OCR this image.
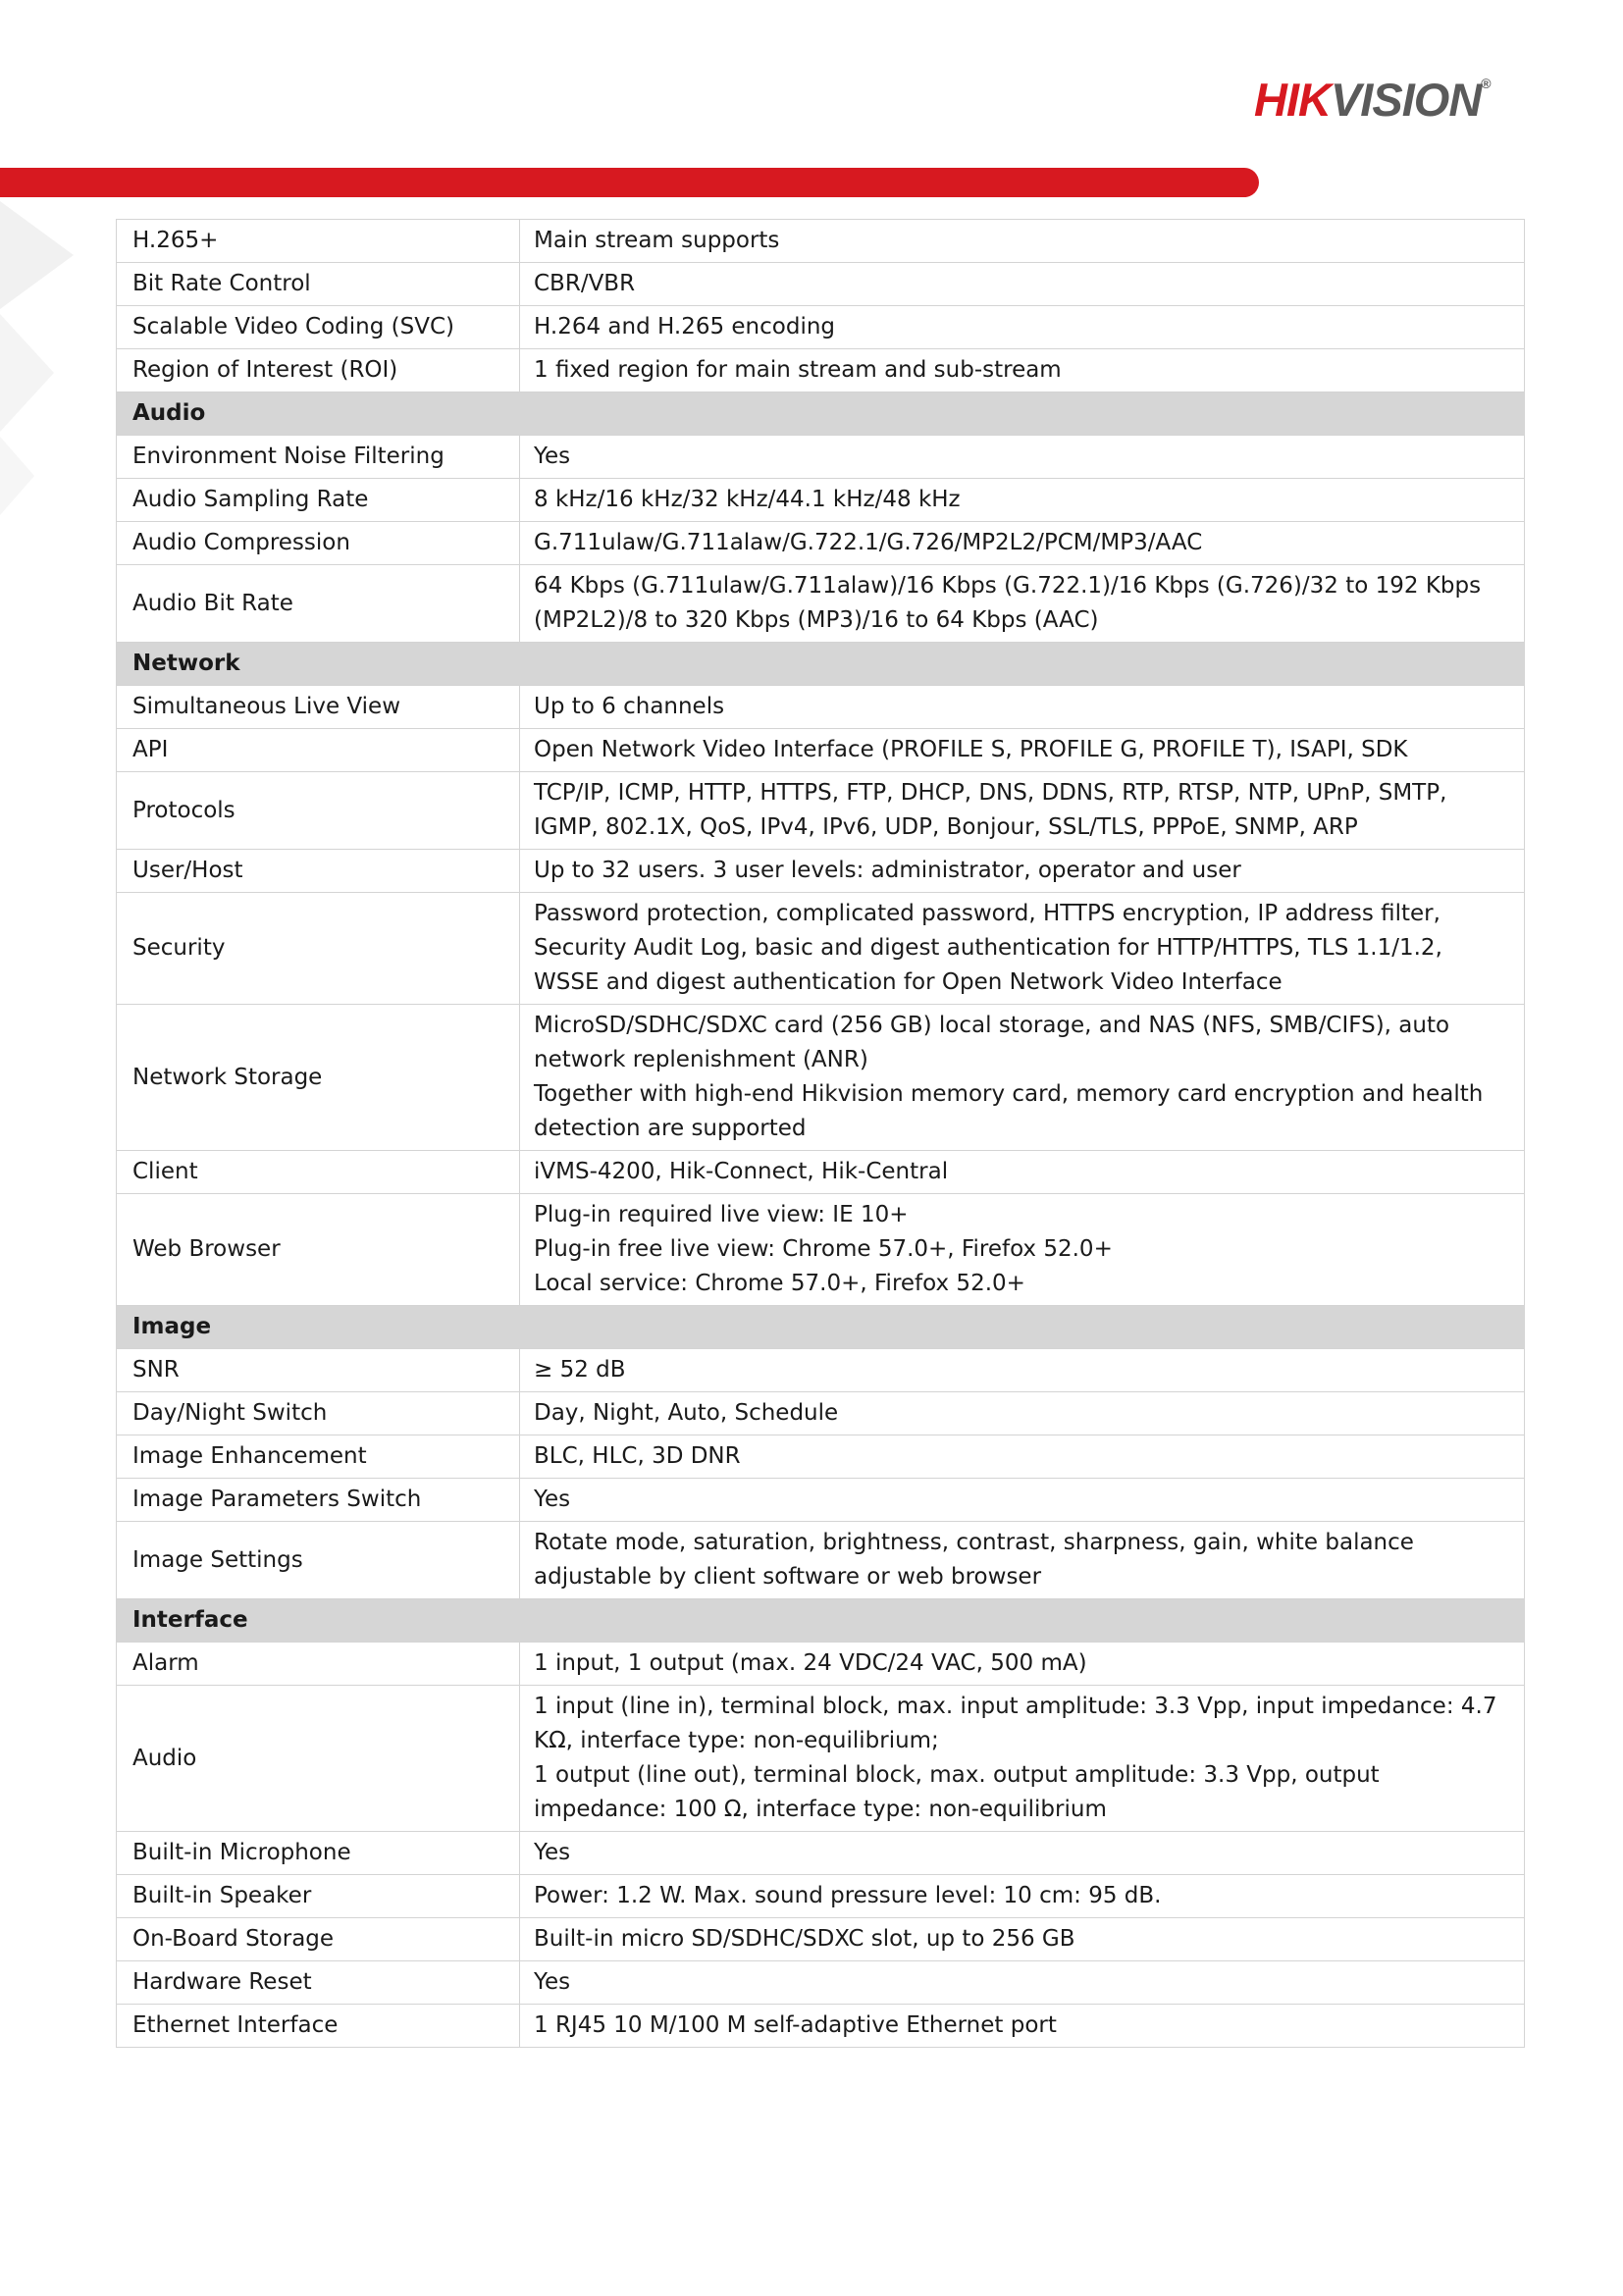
HIKVISION®
H.265+	Main stream supports

Bit Rate Control	CBR/VBR

Scalable Video Coding (SVC)	H.264 and H.265 encoding

Region of Interest (ROI)	1 fixed region for main stream and sub-stream

Audio	
Environment Noise Filtering	Yes

Audio Sampling Rate	8 kHz/16 kHz/32 kHz/44.1 kHz/48 kHz

Audio Compression	G.711ulaw/G.711alaw/G.722.1/G.726/MP2L2/PCM/MP3/AAC

Audio Bit Rate	64 Kbps (G.711ulaw/G.711alaw)/16 Kbps (G.722.1)/16 Kbps (G.726)/32 to 192 Kbps (MP2L2)/8 to 320 Kbps (MP3)/16 to 64 Kbps (AAC)

Network	
Simultaneous Live View	Up to 6 channels

API	Open Network Video Interface (PROFILE S, PROFILE G, PROFILE T), ISAPI, SDK

Protocols	TCP/IP, ICMP, HTTP, HTTPS, FTP, DHCP, DNS, DDNS, RTP, RTSP, NTP, UPnP, SMTP, IGMP, 802.1X, QoS, IPv4, IPv6, UDP, Bonjour, SSL/TLS, PPPoE, SNMP, ARP

User/Host	Up to 32 users. 3 user levels: administrator, operator and user

Security	Password protection, complicated password, HTTPS encryption, IP address filter, Security Audit Log, basic and digest authentication for HTTP/HTTPS, TLS 1.1/1.2, WSSE and digest authentication for Open Network Video Interface

Network Storage	MicroSD/SDHC/SDXC card (256 GB) local storage, and NAS (NFS, SMB/CIFS), auto network replenishment (ANR)
Together with high-end Hikvision memory card, memory card encryption and health detection are supported

Client	iVMS-4200, Hik-Connect, Hik-Central

Web Browser	Plug-in required live view: IE 10+
Plug-in free live view: Chrome 57.0+, Firefox 52.0+
Local service: Chrome 57.0+, Firefox 52.0+

Image	
SNR	≥ 52 dB

Day/Night Switch	Day, Night, Auto, Schedule

Image Enhancement	BLC, HLC, 3D DNR

Image Parameters Switch	Yes

Image Settings	Rotate mode, saturation, brightness, contrast, sharpness, gain, white balance adjustable by client software or web browser

Interface	
Alarm	1 input, 1 output (max. 24 VDC/24 VAC, 500 mA)

Audio	1 input (line in), terminal block, max. input amplitude: 3.3 Vpp, input impedance: 4.7 KΩ, interface type: non-equilibrium;
1 output (line out), terminal block, max. output amplitude: 3.3 Vpp, output impedance: 100 Ω, interface type: non-equilibrium

Built-in Microphone	Yes

Built-in Speaker	Power: 1.2 W. Max. sound pressure level: 10 cm: 95 dB.

On-Board Storage	Built-in micro SD/SDHC/SDXC slot, up to 256 GB

Hardware Reset	Yes

Ethernet Interface	1 RJ45 10 M/100 M self-adaptive Ethernet port
